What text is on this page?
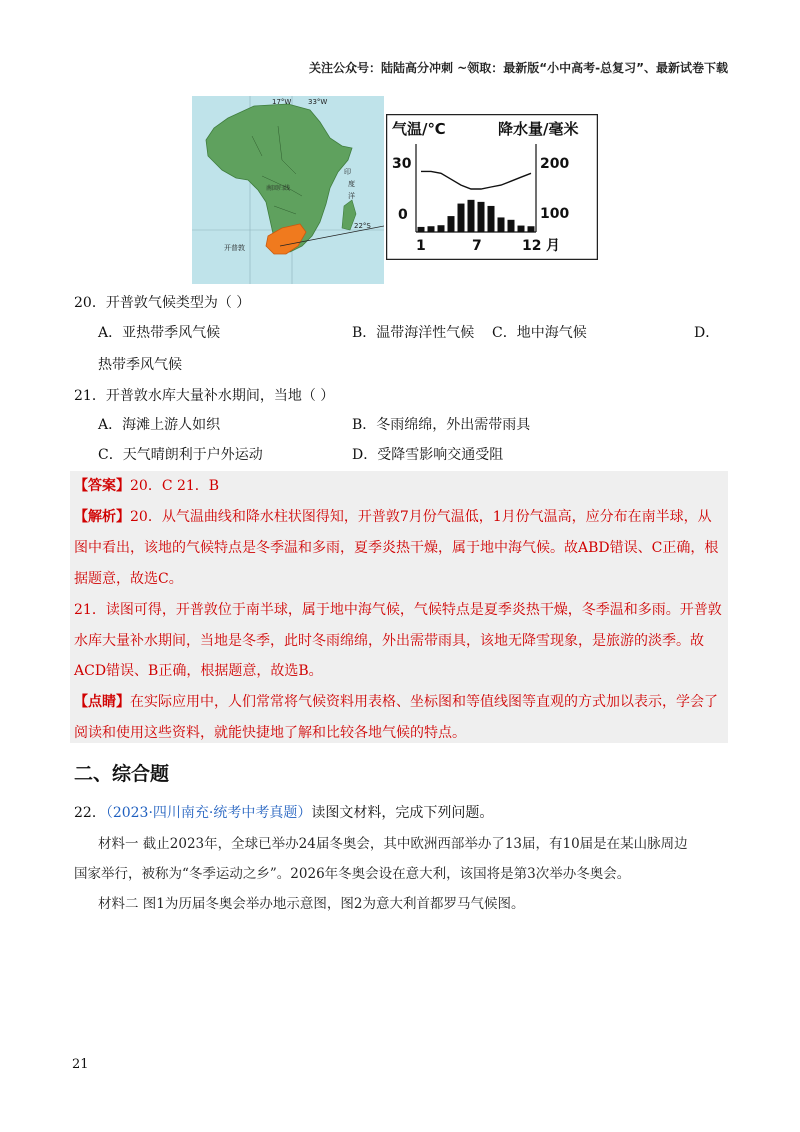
关注公众号：陆陆高分冲刺 ~领取：最新版“小中高考-总复习”、最新试卷下载
17°W 33°W
22°S
开普敦
南回归线
印
度
洋
气温/℃	降水量/毫米
30
0
200
100
1	7	12 月
20．开普敦气候类型为（ ）
A．亚热带季风气候	B．温带海洋性气候 C．地中海气候	D．
热带季风气候
21．开普敦水库大量补水期间，当地（ ）
A．海滩上游人如织	B．冬雨绵绵，外出需带雨具
C．天气晴朗利于户外运动	D．受降雪影响交通受阻
【答案】20．C 21．B
【解析】20．从气温曲线和降水柱状图得知，开普敦7月份气温低，1月份气温高，应分布在南半球，从
图中看出，该地的气候特点是冬季温和多雨，夏季炎热干燥，属于地中海气候。故ABD错误、C正确，根
据题意，故选C。
21．读图可得，开普敦位于南半球，属于地中海气候，气候特点是夏季炎热干燥，冬季温和多雨。开普敦
水库大量补水期间，当地是冬季，此时冬雨绵绵，外出需带雨具，该地无降雪现象，是旅游的淡季。故
ACD错误、B正确，根据题意，故选B。
【点睛】在实际应用中，人们常常将气候资料用表格、坐标图和等值线图等直观的方式加以表示，学会了
阅读和使用这些资料，就能快捷地了解和比较各地气候的特点。
二、综合题
22．（2023·四川南充·统考中考真题）读图文材料，完成下列问题。
材料一 截止2023年，全球已举办24届冬奥会，其中欧洲西部举办了13届，有10届是在某山脉周边
国家举行，被称为“冬季运动之乡”。2026年冬奥会设在意大利，该国将是第3次举办冬奥会。
材料二 图1为历届冬奥会举办地示意图，图2为意大利首都罗马气候图。
21
